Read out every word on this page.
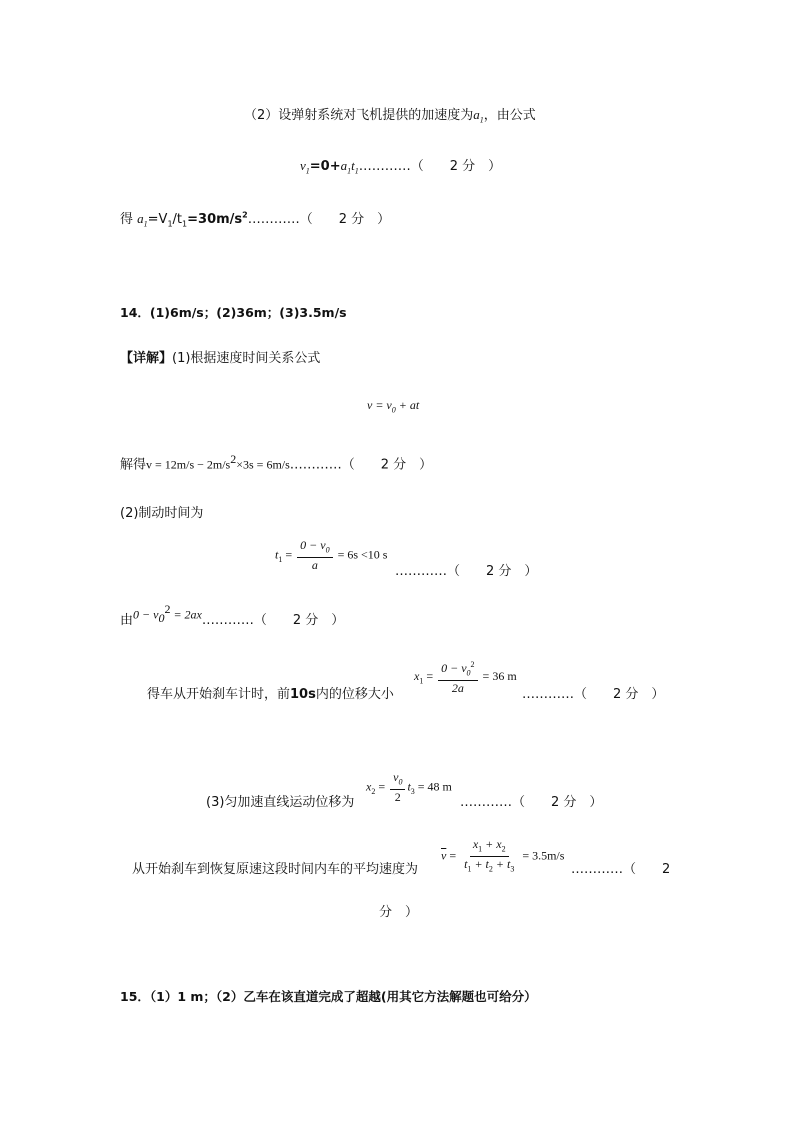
（2）设弹射系统对飞机提供的加速度为$a_1$，由公式
$v_1=0+a_1t_1\dots\dots\dots\dots$（　　2 分　）
得 $a_1=V_1/t_1=30m/s^2\dots\dots\dots\dots$（　　2 分　）
14．(1)6m/s；(2)36m；(3)3.5m/s
【详解】(1)根据速度时间关系公式
$v = v_0$ + at
解得$v = 12m/s - 2m/s^2\times 3s$ = 6m/s…………（　　2 分　）
(2)制动时间为
$t_1 = \frac{0 - v_0}{a} = 6s <10$ s
…………（　　2 分　）
由$0 - v_0^2$ = 2ax…………（　　2 分　）
得车从开始刹车计时，前10s内的位移大小
$x_1 = \frac{0 - v_0^2}{2a} = 36$ m
…………（　　2 分　）
(3)匀加速直线运动位移为
$x_2 = \frac{v_0}{2} t_3 = 48$ m
…………（　　2 分　）
从开始刹车到恢复原速这段时间内车的平均速度为
$\overline{v} = \frac{x_1 + x_2}{t_1 + t_2 + t_3} = 3.5m/s$
…………（　　2
分　）
15．（1）1 m；（2）乙车在该直道完成了超越(用其它方法解题也可给分）
